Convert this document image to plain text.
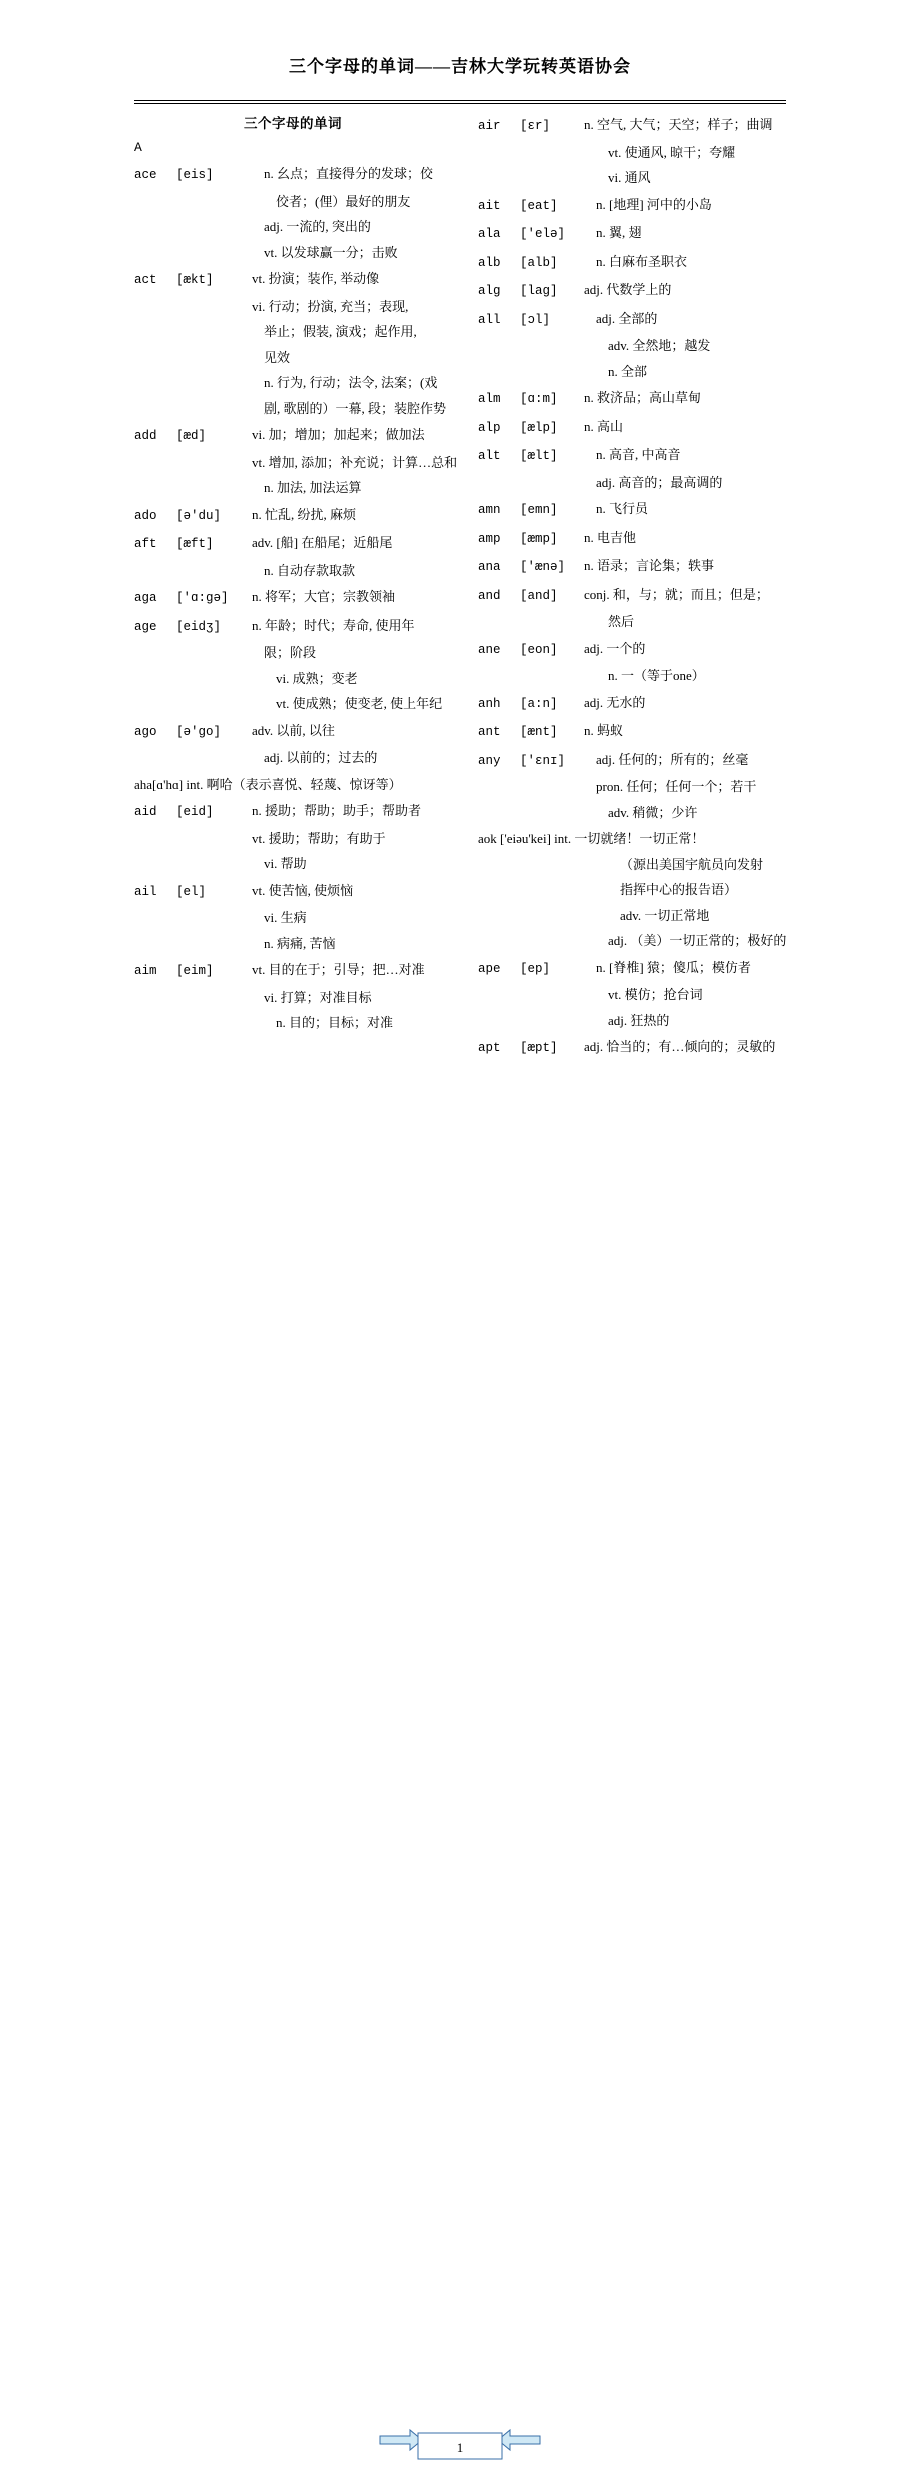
三个字母的单词——吉林大学玩转英语协会
三个字母的单词
A
ace	[eis]	n. 幺点；直接得分的发球；佼
佼者；(俚）最好的朋友
adj. 一流的, 突出的
vt. 以发球赢一分；击败
act	[ækt]	vt. 扮演；装作, 举动像
vi. 行动；扮演, 充当；表现,
举止；假装, 演戏；起作用,
见效
n. 行为, 行动；法令, 法案；(戏
剧, 歌剧的）一幕, 段；装腔作势
add	[æd]	vi. 加；增加；加起来；做加法
vt. 增加, 添加；补充说；计算…总和
n. 加法, 加法运算
ado	[ə'du]	n. 忙乱, 纷扰, 麻烦
aft	[æft]	adv. [船] 在船尾；近船尾
n. 自动存款取款
aga	['ɑ:gə]	n. 将军；大官；宗教领袖
age	[eidʒ]	n. 年龄；时代；寿命, 使用年
限；阶段
vi. 成熟；变老
vt. 使成熟；使变老, 使上年纪
ago	[ə'go]	adv. 以前, 以往
adj. 以前的；过去的
aha[ɑ'hɑ] int. 啊哈（表示喜悦、轻蔑、惊讶等）
aid	[eid]	n. 援助；帮助；助手；帮助者
vt. 援助；帮助；有助于
vi. 帮助
ail	[el]	vt. 使苦恼, 使烦恼
vi. 生病
n. 病痛, 苦恼
aim	[eim]	vt. 目的在于；引导；把…对准
vi. 打算；对准目标
n. 目的；目标；对准
air	[ɛr]	n. 空气, 大气；天空；样子；曲调
vt. 使通风, 晾干；夸耀
vi. 通风
ait	[eat]	n. [地理] 河中的小岛
ala	['elə]	n. 翼, 翅
alb	[alb]	n. 白麻布圣职衣
alg	[lag]	adj. 代数学上的
all	[ɔl]	adj. 全部的
adv. 全然地；越发
n. 全部
alm	[ɑ:m]	n. 救济品；高山草甸
alp	[ælp]	n. 高山
alt	[ælt]	n. 高音, 中高音
adj. 高音的；最高调的
amn	[emn]	n. 飞行员
amp	[æmp]	n. 电吉他
ana	['ænə]	n. 语录；言论集；轶事
and	[and]	conj. 和，与；就；而且；但是；
然后
ane	[eon]	adj. 一个的
n. 一（等于one）
anh	[a:n]	adj. 无水的
ant	[ænt]	n. 蚂蚁
any	['ɛnɪ]	adj. 任何的；所有的；丝毫
pron. 任何；任何一个；若干
adv. 稍微；少许
aok ['eiəu'kei] int. 一切就绪！一切正常！
（源出美国宇航员向发射
指挥中心的报告语）
adv. 一切正常地
adj. （美）一切正常的；极好的
ape	[ep]	n. [脊椎] 猿；傻瓜；模仿者
vt. 模仿；抢台词
adj. 狂热的
apt	[æpt]	adj. 恰当的；有…倾向的；灵敏的
1
